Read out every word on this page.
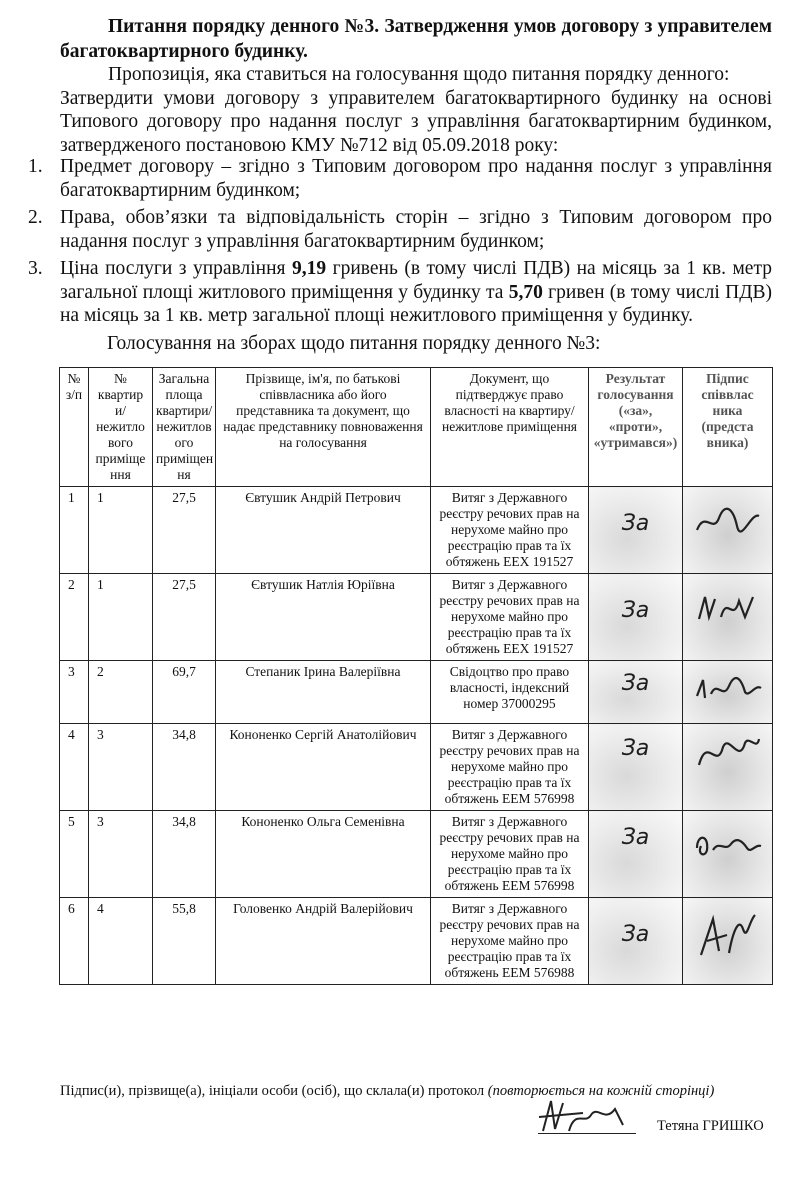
Питання порядку денного №3. Затвердження умов договору з управителем багатоквартирного будинку.
Пропозиція, яка ставиться на голосування щодо питання порядку денного:
Затвердити умови договору з управителем багатоквартирного будинку на основі Типового договору про надання послуг з управління багатоквартирним будинком, затвердженого постановою КМУ №712 від 05.09.2018 року:
1. Предмет договору – згідно з Типовим договором про надання послуг з управління багатоквартирним будинком;
2. Права, обов’язки та відповідальність сторін – згідно з Типовим договором про надання послуг з управління багатоквартирним будинком;
3. Ціна послуги з управління 9,19 гривень (в тому числі ПДВ) на місяць за 1 кв. метр загальної площі житлового приміщення у будинку та 5,70 гривен (в тому числі ПДВ) на місяць за 1 кв. метр загальної площі нежитлового приміщення у будинку.
Голосування на зборах щодо питання порядку денного №3:
№ з/п	№ квартир и/ нежитло вого приміще ння	Загальна площа квартири/ нежитлов ого приміщен ня	Прізвище, ім'я, по батькові співвласника або його представника та документ, що надає представнику повноваження на голосування	Документ, що підтверджує право власності на квартиру/ нежитлове приміщення	Результат голосування («за», «проти», «утримався»)	Підпис співвлас ника (предста вника)
1	1	27,5	Євтушик Андрій Петрович	Витяг з Державного реєстру речових прав на нерухоме майно про реєстрацію прав та їх обтяжень ЕЕХ 191527	За

2	1	27,5	Євтушик Натлія Юріївна	Витяг з Державного реєстру речових прав на нерухоме майно про реєстрацію прав та їх обтяжень ЕЕХ 191527	За

3	2	69,7	Степаник Ірина Валеріївна	Свідоцтво про право власності, індексний номер 37000295	За

4	3	34,8	Кононенко Сергій Анатолійович	Витяг з Державного реєстру речових прав на нерухоме майно про реєстрацію прав та їх обтяжень ЕЕМ 576998	За

5	3	34,8	Кононенко Ольга Семенівна	Витяг з Державного реєстру речових прав на нерухоме майно про реєстрацію прав та їх обтяжень ЕЕМ 576998	За

6	4	55,8	Головенко Андрій Валерійович	Витяг з Державного реєстру речових прав на нерухоме майно про реєстрацію прав та їх обтяжень ЕЕМ 576988	За

Підпис(и), прізвище(а), ініціали особи (осіб), що склала(и) протокол (повторюється на кожній сторінці)
Тетяна ГРИШКО
